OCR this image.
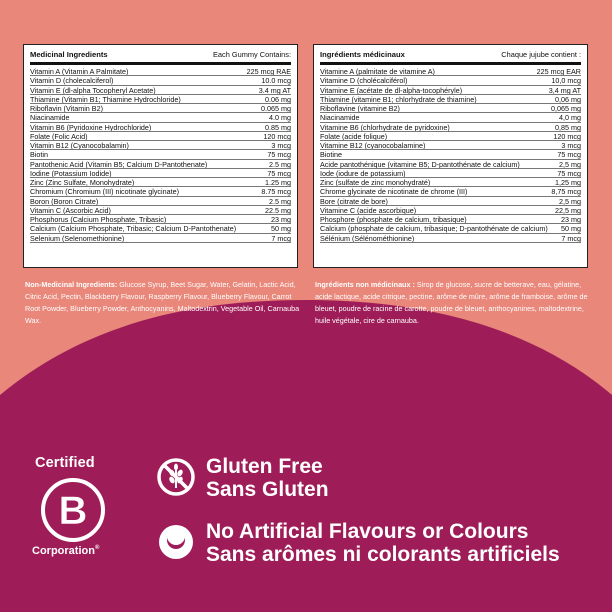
Medicinal Ingredients	Each Gummy Contains:
Vitamin A (Vitamin A Palmitate)	225 mcg RAE
Vitamin D (cholecalciferol)	10.0 mcg
Vitamin E (dl-alpha Tocopheryl Acetate)	3.4 mg AT
Thiamine (Vitamin B1; Thiamine Hydrochloride)	0.06 mg
Riboflavin (Vitamin B2)	0.065 mg
Niacinamide	4.0 mg
Vitamin B6 (Pyridoxine Hydrochloride)	0.85 mg
Folate (Folic Acid)	120 mcg
Vitamin B12 (Cyanocobalamin)	3 mcg
Biotin	75 mcg
Pantothenic Acid (Vitamin B5; Calcium D-Pantothenate)	2.5 mg
Iodine (Potassium Iodide)	75 mcg
Zinc (Zinc Sulfate, Monohydrate)	1.25 mg
Chromium (Chromium (III) nicotinate glycinate)	8.75 mcg
Boron (Boron Citrate)	2.5 mg
Vitamin C (Ascorbic Acid)	22.5 mg
Phosphorus (Calcium Phosphate, Tribasic)	23 mg
Calcium (Calcium Phosphate, Tribasic; Calcium D-Pantothenate)	50 mg
Selenium (Selenomethionine)	7 mcg
Ingrédients médicinaux	Chaque jujube contient :
Vitamine A (palmitate de vitamine A)	225 mcg EAR
Vitamine D (cholécalciférol)	10,0 mcg
Vitamine E (acétate de dl-alpha-tocophéryle)	3,4 mg AT
Thiamine (vitamine B1; chlorhydrate de thiamine)	0,06 mg
Riboflavine (vitamine B2)	0,065 mg
Niacinamide	4,0 mg
Vitamine B6 (chlorhydrate de pyridoxine)	0,85 mg
Folate (acide folique)	120 mcg
Vitamine B12 (cyanocobalamine)	3 mcg
Biotine	75 mcg
Acide pantothénique (vitamine B5; D-pantothénate de calcium)	2,5 mg
Iode (iodure de potassium)	75 mcg
Zinc (sulfate de zinc monohydraté)	1,25 mg
Chrome glycinate de nicotinate de chrome (III)	8,75 mcg
Bore (citrate de bore)	2,5 mg
Vitamine C (acide ascorbique)	22,5 mg
Phosphore (phosphate de calcium, tribasique)	23 mg
Calcium (phosphate de calcium, tribasique; D-pantothénate de calcium)	50 mg
Sélénium (Sélénométhionine)	7 mcg
Non-Medicinal Ingredients: Glucose Syrup, Beet Sugar, Water, Gelatin, Lactic Acid, Citric Acid, Pectin, Blackberry Flavour, Raspberry Flavour, Blueberry Flavour, Carrot Root Powder, Blueberry Powder, Anthocyanins, Maltodextrin, Vegetable Oil, Carnauba Wax.
Ingrédients non médicinaux : Sirop de glucose, sucre de betterave, eau, gélatine, acide lactique, acide citrique, pectine, arôme de mûre, arôme de framboise, arôme de bleuet, poudre de racine de carotte, poudre de bleuet, anthocyanines, maltodextrine, huile végétale, cire de carnauba.
Certified
B
Corporation®
Gluten Free
Sans Gluten
No Artificial Flavours or Colours
Sans arômes ni colorants artificiels
